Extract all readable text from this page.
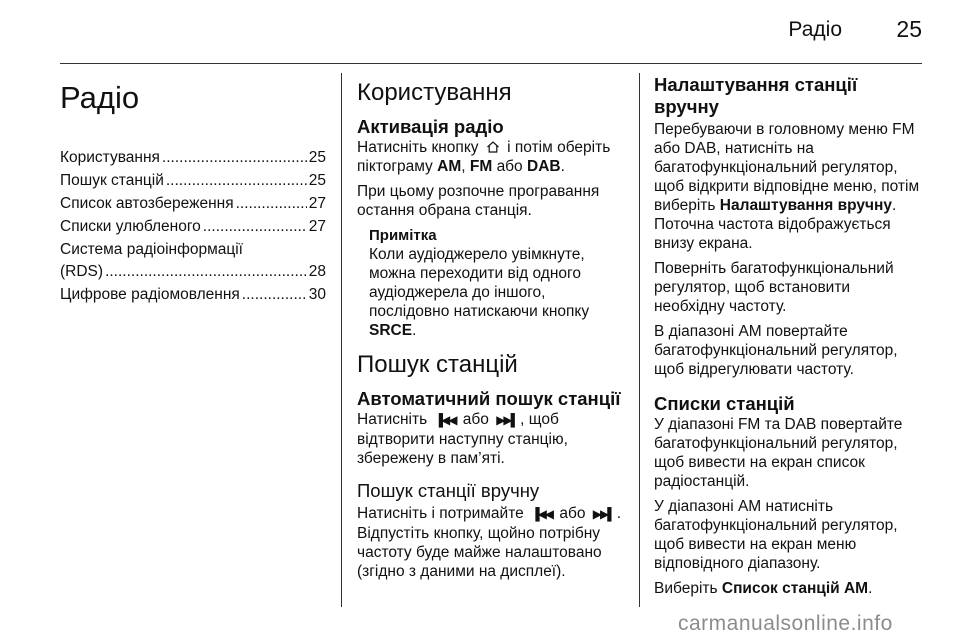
Радіо	25
Радіо
Користування .....	25
Пошук станцій .....	25
Список автозбереження .....	27
Списки улюбленого .....	27
Система радіоінформації
(RDS) .....	28
Цифрове радіомовлення .....	30
Користування
Активація радіо

Натисніть кнопку і потім оберіть піктограму AM, FM або DAB.

При цьому розпочне програвання остання обрана станція.

Примітка

Коли аудіоджерело увімкнуте, можна переходити від одного аудіоджерела до іншого, послідовно натискаючи кнопку SRCE.

Пошук станцій
Автоматичний пошук станції

Натисніть ▐◀◀ або ▶▶▌ , щоб відтворити наступну станцію, збережену в пам’яті.

Пошук станції вручну

Натисніть і потримайте ▐◀◀ або ▶▶▌ . Відпустіть кнопку, щойно потрібну частоту буде майже налаштовано (згідно з даними на дисплеї).

Налаштування станції вручну

Перебуваючи в головному меню FM або DAB, натисніть на багатофункціональний регулятор, щоб відкрити відповідне меню, потім виберіть Налаштування вручну. Поточна частота відображується внизу екрана.

Поверніть багатофункціональний регулятор, щоб встановити необхідну частоту.

В діапазоні AM повертайте багатофункціональний регулятор, щоб відрегулювати частоту.

Списки станцій

У діапазоні FM та DAB повертайте багатофункціональний регулятор, щоб вивести на екран список радіостанцій.

У діапазоні AM натисніть багатофункціональний регулятор, щоб вивести на екран меню відповідного діапазону.

Виберіть Список станцій AM.

carmanualsonline.info
